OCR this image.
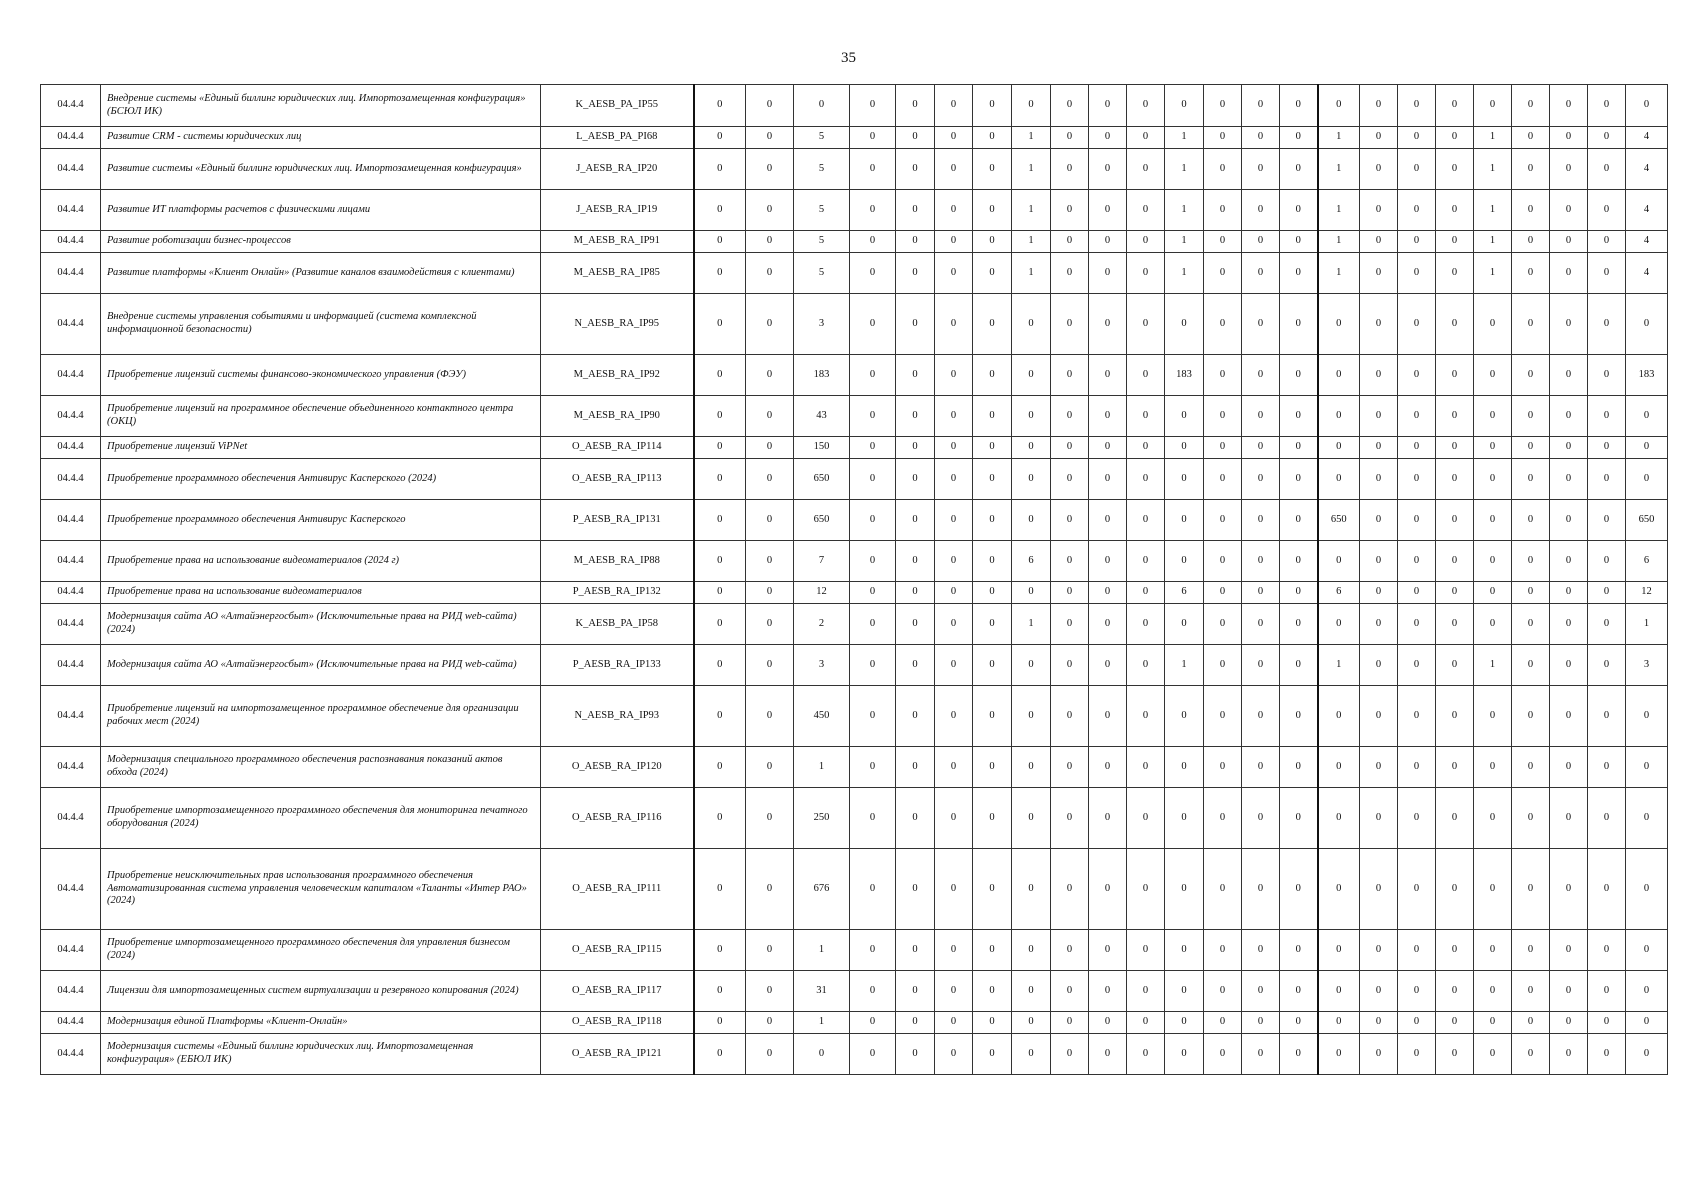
35
04.4.4	Внедрение системы «Единый биллинг юридических лиц. Импортозамещенная конфигурация» (БСЮЛ ИК)	K_AESB_PA_IP55	0	0	0	0	0	0	0	0	0	0	0	0	0	0	0	0	0	0	0	0	0	0	0	0
04.4.4	Развитие CRM - системы юридических лиц	L_AESB_PA_PI68	0	0	5	0	0	0	0	1	0	0	0	1	0	0	0	1	0	0	0	1	0	0	0	4
04.4.4	Развитие системы «Единый биллинг юридических лиц. Импортозамещенная конфигурация»	J_AESB_RA_IP20	0	0	5	0	0	0	0	1	0	0	0	1	0	0	0	1	0	0	0	1	0	0	0	4
04.4.4	Развитие ИТ платформы расчетов с физическими лицами	J_AESB_RA_IP19	0	0	5	0	0	0	0	1	0	0	0	1	0	0	0	1	0	0	0	1	0	0	0	4
04.4.4	Развитие роботизации бизнес-процессов	M_AESB_RA_IP91	0	0	5	0	0	0	0	1	0	0	0	1	0	0	0	1	0	0	0	1	0	0	0	4
04.4.4	Развитие платформы «Клиент Онлайн» (Развитие каналов взаимодействия с клиентами)	M_AESB_RA_IP85	0	0	5	0	0	0	0	1	0	0	0	1	0	0	0	1	0	0	0	1	0	0	0	4
04.4.4	Внедрение системы управления событиями и информацией (система комплексной информационной безопасности)	N_AESB_RA_IP95	0	0	3	0	0	0	0	0	0	0	0	0	0	0	0	0	0	0	0	0	0	0	0	0
04.4.4	Приобретение лицензий системы финансово-экономического управления (ФЭУ)	M_AESB_RA_IP92	0	0	183	0	0	0	0	0	0	0	0	183	0	0	0	0	0	0	0	0	0	0	0	183
04.4.4	Приобретение лицензий на программное обеспечение объединенного контактного центра (ОКЦ)	M_AESB_RA_IP90	0	0	43	0	0	0	0	0	0	0	0	0	0	0	0	0	0	0	0	0	0	0	0	0
04.4.4	Приобретение лицензий ViPNet	O_AESB_RA_IP114	0	0	150	0	0	0	0	0	0	0	0	0	0	0	0	0	0	0	0	0	0	0	0	0
04.4.4	Приобретение программного обеспечения Антивирус Касперского (2024)	O_AESB_RA_IP113	0	0	650	0	0	0	0	0	0	0	0	0	0	0	0	0	0	0	0	0	0	0	0	0
04.4.4	Приобретение программного обеспечения Антивирус Касперского	P_AESB_RA_IP131	0	0	650	0	0	0	0	0	0	0	0	0	0	0	0	650	0	0	0	0	0	0	0	650
04.4.4	Приобретение права на использование видеоматериалов (2024 г)	M_AESB_RA_IP88	0	0	7	0	0	0	0	6	0	0	0	0	0	0	0	0	0	0	0	0	0	0	0	6
04.4.4	Приобретение права на использование видеоматериалов	P_AESB_RA_IP132	0	0	12	0	0	0	0	0	0	0	0	6	0	0	0	6	0	0	0	0	0	0	0	12
04.4.4	Модернизация сайта АО «Алтайэнергосбыт» (Исключительные права на РИД web-сайта) (2024)	K_AESB_PA_IP58	0	0	2	0	0	0	0	1	0	0	0	0	0	0	0	0	0	0	0	0	0	0	0	1
04.4.4	Модернизация сайта АО «Алтайэнергосбыт» (Исключительные права на РИД web-сайта)	P_AESB_RA_IP133	0	0	3	0	0	0	0	0	0	0	0	1	0	0	0	1	0	0	0	1	0	0	0	3
04.4.4	Приобретение лицензий на импортозамещенное программное обеспечение для организации рабочих мест (2024)	N_AESB_RA_IP93	0	0	450	0	0	0	0	0	0	0	0	0	0	0	0	0	0	0	0	0	0	0	0	0
04.4.4	Модернизация специального программного обеспечения распознавания показаний актов обхода (2024)	O_AESB_RA_IP120	0	0	1	0	0	0	0	0	0	0	0	0	0	0	0	0	0	0	0	0	0	0	0	0
04.4.4	Приобретение импортозамещенного программного обеспечения для мониторинга печатного оборудования (2024)	O_AESB_RA_IP116	0	0	250	0	0	0	0	0	0	0	0	0	0	0	0	0	0	0	0	0	0	0	0	0
04.4.4	Приобретение неисключительных прав использования программного обеспечения Автоматизированная система управления человеческим капиталом «Таланты «Интер РАО» (2024)	O_AESB_RA_IP111	0	0	676	0	0	0	0	0	0	0	0	0	0	0	0	0	0	0	0	0	0	0	0	0
04.4.4	Приобретение импортозамещенного программного обеспечения для управления бизнесом (2024)	O_AESB_RA_IP115	0	0	1	0	0	0	0	0	0	0	0	0	0	0	0	0	0	0	0	0	0	0	0	0
04.4.4	Лицензии для импортозамещенных систем виртуализации и резервного копирования (2024)	O_AESB_RA_IP117	0	0	31	0	0	0	0	0	0	0	0	0	0	0	0	0	0	0	0	0	0	0	0	0
04.4.4	Модернизация единой Платформы «Клиент-Онлайн»	O_AESB_RA_IP118	0	0	1	0	0	0	0	0	0	0	0	0	0	0	0	0	0	0	0	0	0	0	0	0
04.4.4	Модернизация системы «Единый биллинг юридических лиц. Импортозамещенная конфигурация» (ЕБЮЛ ИК)	O_AESB_RA_IP121	0	0	0	0	0	0	0	0	0	0	0	0	0	0	0	0	0	0	0	0	0	0	0	0
